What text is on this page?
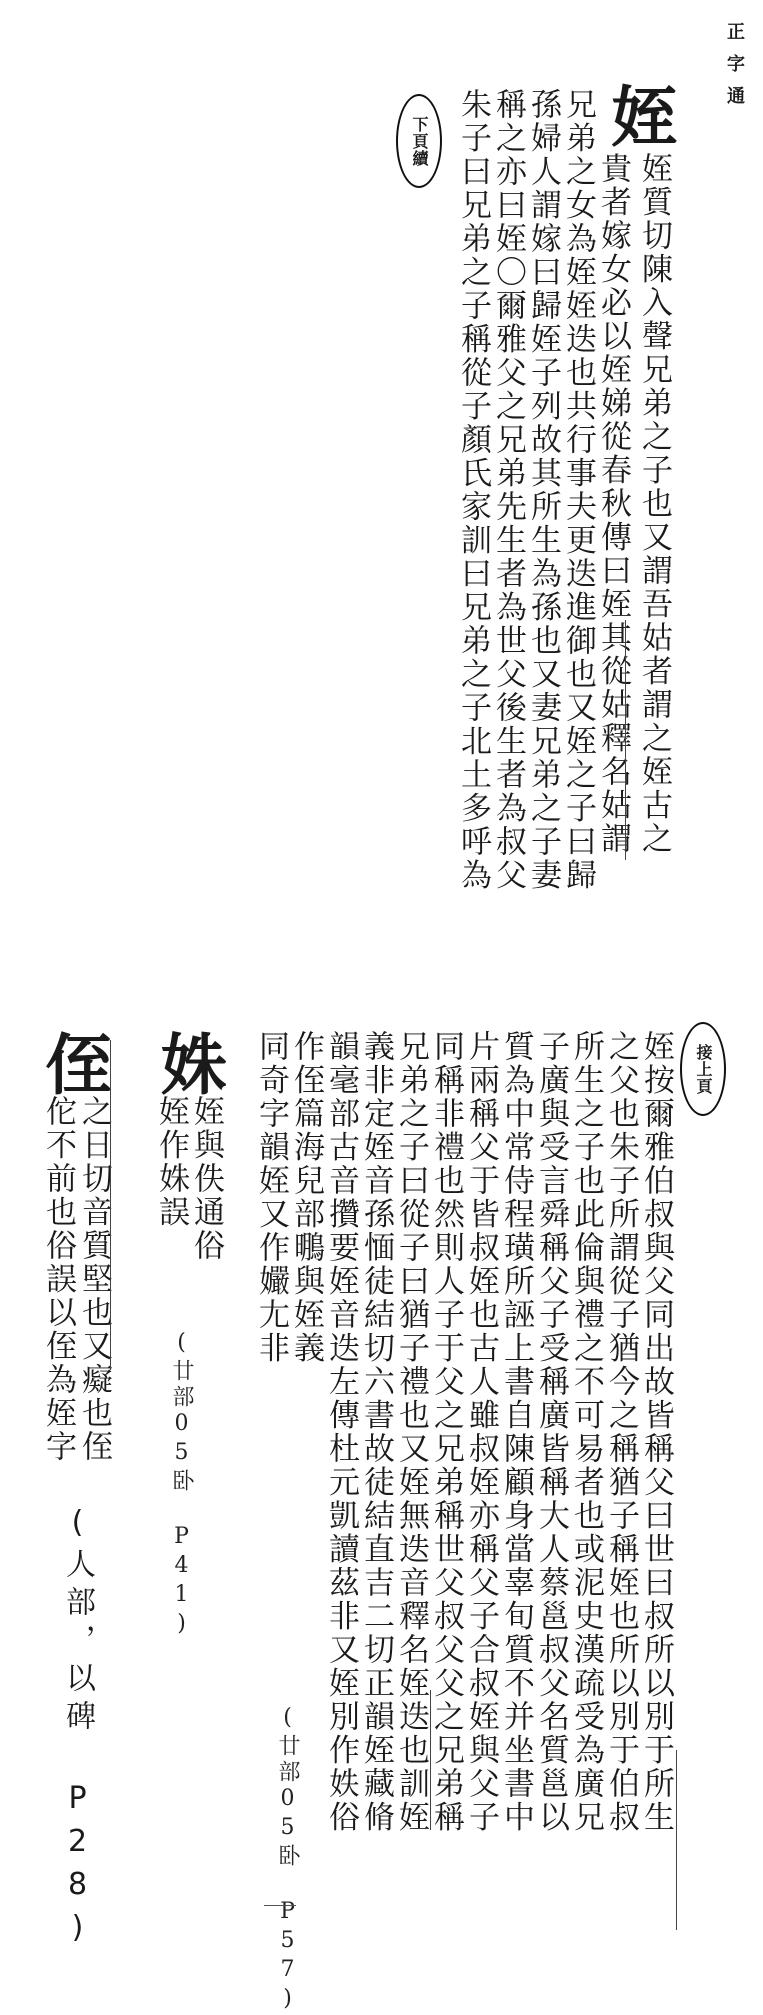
正字通
下頁續	姪
姪質切陳入聲兄弟之子也又謂吾姑者謂之姪古之
貴者嫁女必以姪娣從春秋傳曰姪其從姑釋名姑謂
兄弟之女為姪姪迭也共行事夫更迭進御也又姪之子曰歸
孫婦人謂嫁曰歸姪子列故其所生為孫也又妻兄弟之子妻
稱之亦曰姪〇爾雅父之兄弟先生者為世父後生者為叔父
朱子曰兄弟之子稱從子顏氏家訓曰兄弟之子北土多呼為
接上頁
姪按爾雅伯叔與父同出故皆稱父曰世曰叔所以別于所生
之父也朱子所謂從子猶今之稱猶子稱姪也所以別于伯叔
所生之子也此倫與禮之不可易者也或泥史漢疏受為廣兄
子廣與受言舜稱父子受稱廣皆稱大人蔡邕叔父名質邕以
質為中常侍程璜所誣上書自陳顧身當辜旬質不并坐書中
片兩稱父于皆叔姪也古人雖叔姪亦稱父子合叔姪與父子
同稱非禮也然則人子于父之兄弟稱世父叔父父之兄弟稱
兄弟之子曰從子曰猶子禮也又姪無迭音釋名姪迭也訓姪
義非定姪音孫愐徒結切六書故徒結直吉二切正韻姪藏脩
韻毫部古音攢要姪音迭左傳杜元凱讀茲非又姪別作妷俗
作侄篇海兒部䳟與姪義
同奇字韻姪又作孍尢非
(廿部05卧 P57)
姝
姪與佚通俗
姪作姝誤
(廿部05卧 P41)
侄
之日切音質堅也又癡也侄
佗不前也俗誤以侄為姪字
(人部，以碑 P28)
